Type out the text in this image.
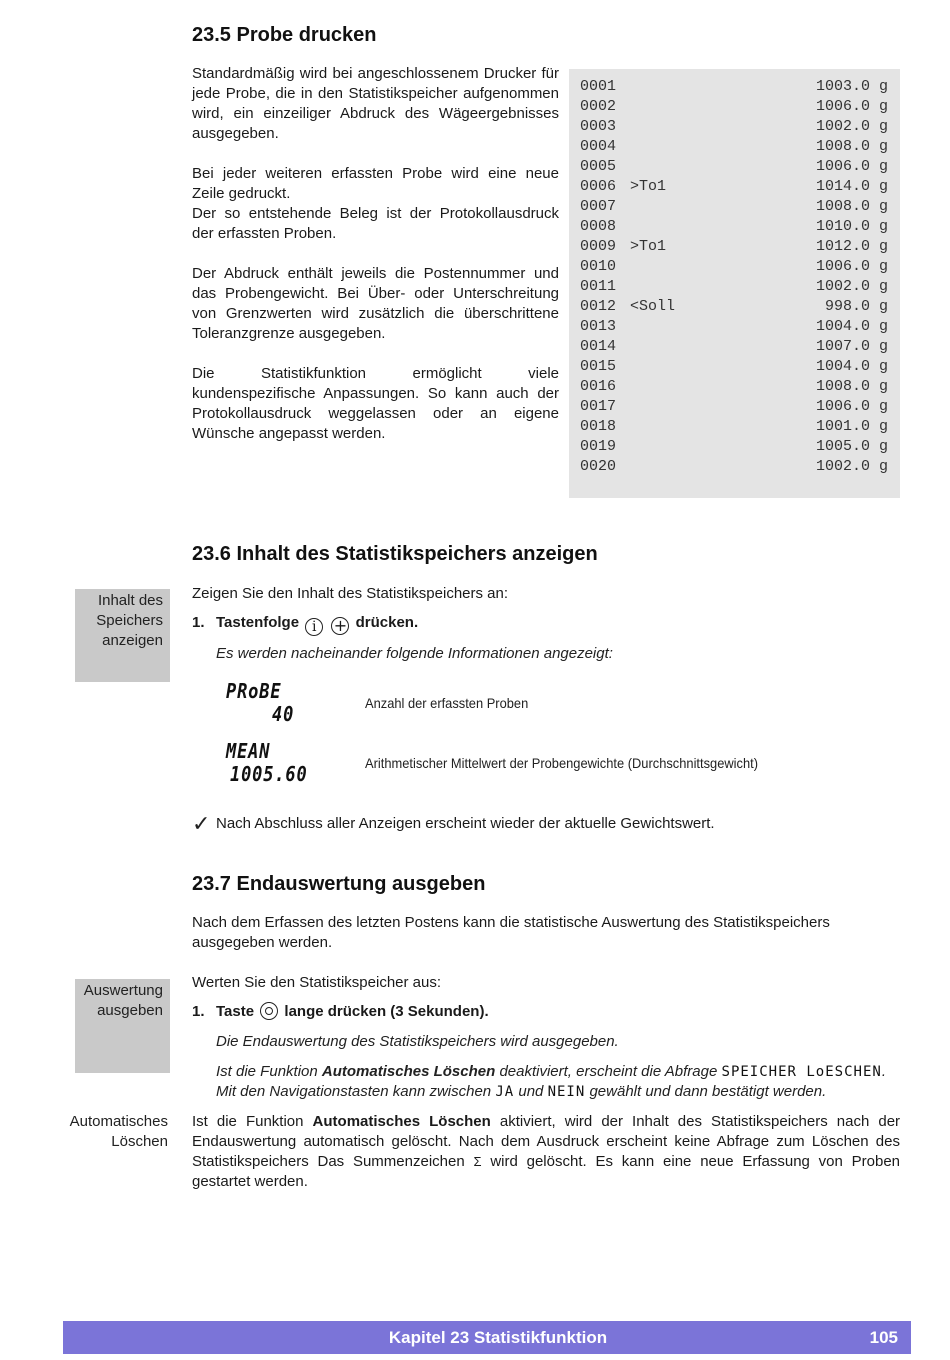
23.5 Probe drucken

Standardmäßig wird bei angeschlossenem Drucker für jede Probe, die in den Statistikspeicher aufgenommen wird, ein einzeiliger Abdruck des Wägeergebnisses ausgegeben.

Bei jeder weiteren erfassten Probe wird eine neue Zeile gedruckt.
Der so entstehende Beleg ist der Protokollausdruck der erfassten Proben.

Der Abdruck enthält jeweils die Postennummer und das Probengewicht. Bei Über- oder Unterschreitung von Grenzwerten wird zusätzlich die überschrittene Toleranzgrenze ausgegeben.

Die Statistikfunktion ermöglicht viele kundenspezifische Anpassungen. So kann auch der Protokollausdruck weggelassen oder an eigene Wünsche angepasst werden.

0001	1003.0 g
0002	1006.0 g
0003	1002.0 g
0004	1008.0 g
0005	1006.0 g
0006 >To1	1014.0 g
0007	1008.0 g
0008	1010.0 g
0009 >To1	1012.0 g
0010	1006.0 g
0011	1002.0 g
0012 <Soll	998.0 g
0013	1004.0 g
0014	1007.0 g
0015	1004.0 g
0016	1008.0 g
0017	1006.0 g
0018	1001.0 g
0019	1005.0 g
0020	1002.0 g
23.6 Inhalt des Statistikspeichers anzeigen
Inhalt des Speichers anzeigen
Zeigen Sie den Inhalt des Statistikspeichers an:
1. Tastenfolge i + drücken.
Es werden nacheinander folgende Informationen angezeigt:
PRoBE
40	Anzahl der erfassten Proben
MEAN
1005.60	Arithmetischer Mittelwert der Probengewichte (Durchschnittsgewicht)
✓ Nach Abschluss aller Anzeigen erscheint wieder der aktuelle Gewichtswert.
23.7 Endauswertung ausgeben
Nach dem Erfassen des letzten Postens kann die statistische Auswertung des Statistikspeichers ausgegeben werden.
Auswertung ausgeben
Werten Sie den Statistikspeicher aus:
1. Taste lange drücken (3 Sekunden).
Die Endauswertung des Statistikspeichers wird ausgegeben.
Ist die Funktion Automatisches Löschen deaktiviert, erscheint die Abfrage SPEICHER LoESCHEN.
Mit den Navigationstasten kann zwischen JA und NEIN gewählt und dann bestätigt werden.
Automatisches Löschen
Ist die Funktion Automatisches Löschen aktiviert, wird der Inhalt des Statistikspeichers nach der Endauswertung automatisch gelöscht. Nach dem Ausdruck erscheint keine Abfrage zum Löschen des Statistikspeichers Das Summenzeichen Σ wird gelöscht. Es kann eine neue Erfassung von Proben gestartet werden.
Kapitel 23 Statistikfunktion	105
